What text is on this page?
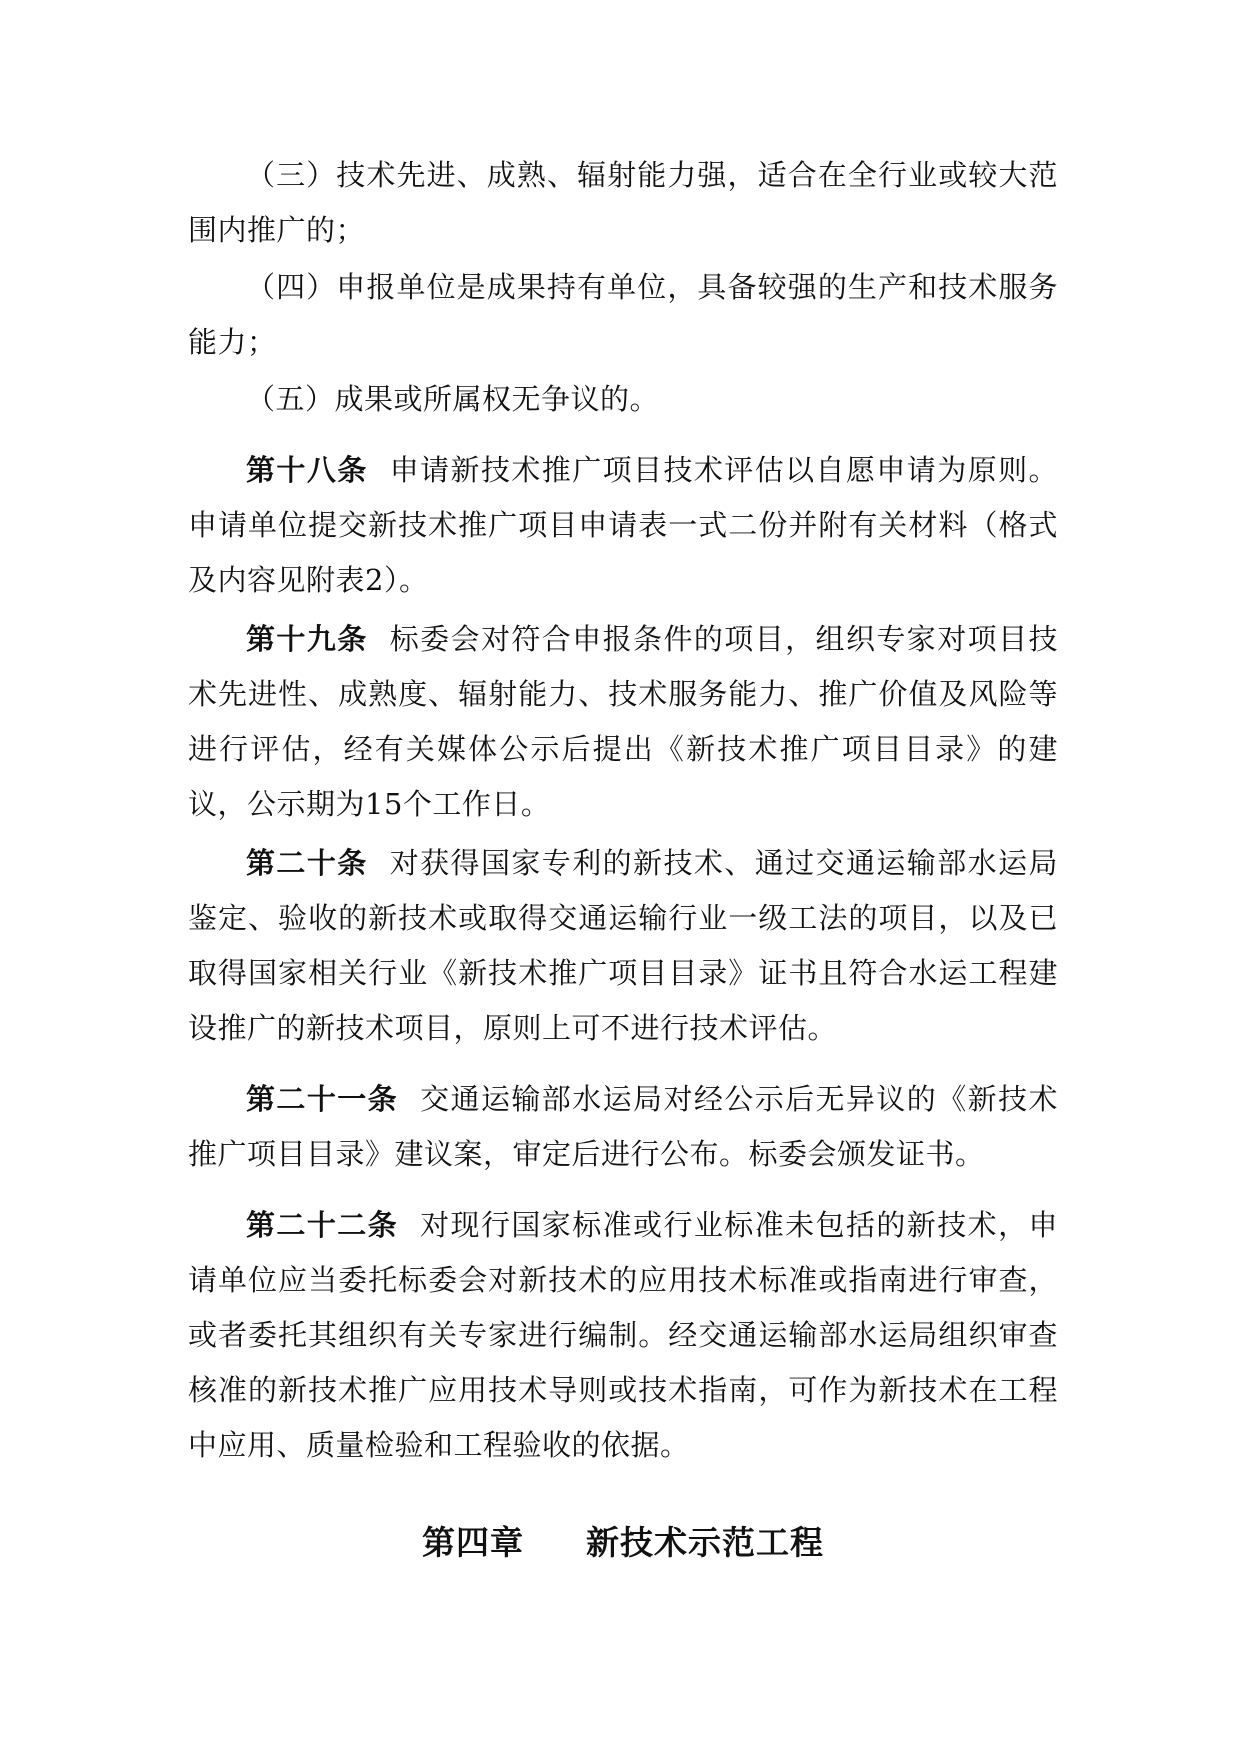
（三）技术先进、成熟、辐射能力强，适合在全行业或较大范围内推广的；

（四）申报单位是成果持有单位，具备较强的生产和技术服务能力；

（五）成果或所属权无争议的。

第十八条 申请新技术推广项目技术评估以自愿申请为原则。申请单位提交新技术推广项目申请表一式二份并附有关材料（格式及内容见附表2）。

第十九条 标委会对符合申报条件的项目，组织专家对项目技术先进性、成熟度、辐射能力、技术服务能力、推广价值及风险等进行评估，经有关媒体公示后提出《新技术推广项目目录》的建议，公示期为15个工作日。

第二十条 对获得国家专利的新技术、通过交通运输部水运局鉴定、验收的新技术或取得交通运输行业一级工法的项目，以及已取得国家相关行业《新技术推广项目目录》证书且符合水运工程建设推广的新技术项目，原则上可不进行技术评估。

第二十一条 交通运输部水运局对经公示后无异议的《新技术推广项目目录》建议案，审定后进行公布。标委会颁发证书。

第二十二条 对现行国家标准或行业标准未包括的新技术，申请单位应当委托标委会对新技术的应用技术标准或指南进行审查，或者委托其组织有关专家进行编制。经交通运输部水运局组织审查核准的新技术推广应用技术导则或技术指南，可作为新技术在工程中应用、质量检验和工程验收的依据。

第四章 新技术示范工程
